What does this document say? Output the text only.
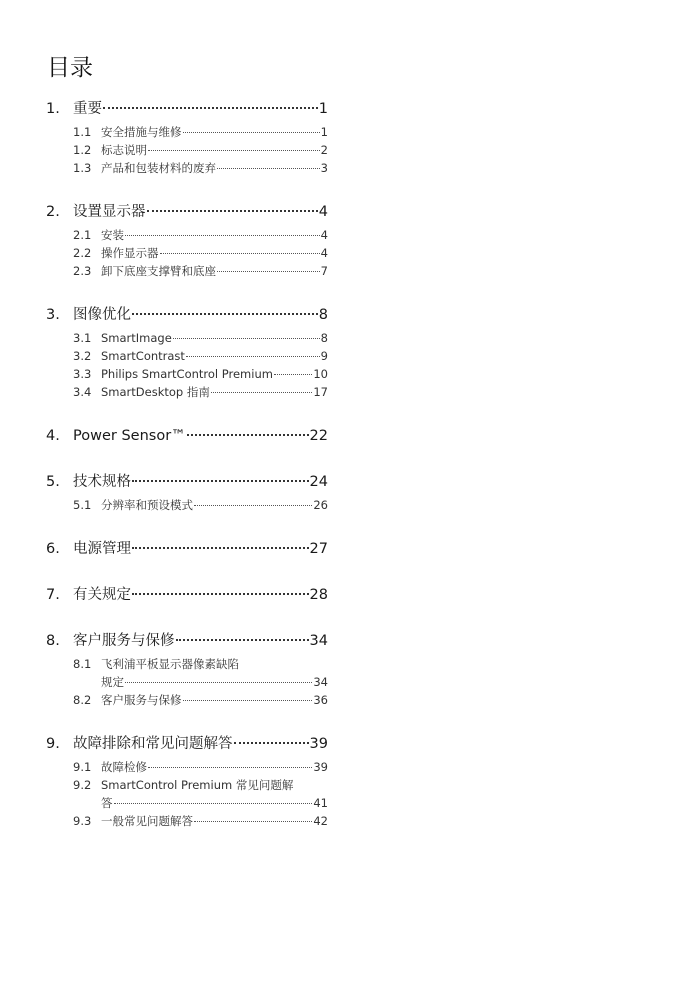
目录
1. 重要	1
1.1 安全措施与维修	1
1.2 标志说明	2
1.3 产品和包装材料的废弃	3
2. 设置显示器	4
2.1 安装	4
2.2 操作显示器	4
2.3 卸下底座支撑臂和底座	7
3. 图像优化	8
3.1 SmartImage	8
3.2 SmartContrast	9
3.3 Philips SmartControl Premium	10
3.4 SmartDesktop 指南	17
4. Power Sensor™	22
5. 技术规格	24
5.1 分辨率和预设模式	26
6. 电源管理	27
7. 有关规定	28
8. 客户服务与保修	34
8.1 飞利浦平板显示器像素缺陷
规定	34
8.2 客户服务与保修	36
9. 故障排除和常见问题解答	39
9.1 故障检修	39
9.2 SmartControl Premium 常见问题解
答	41
9.3 一般常见问题解答	42
